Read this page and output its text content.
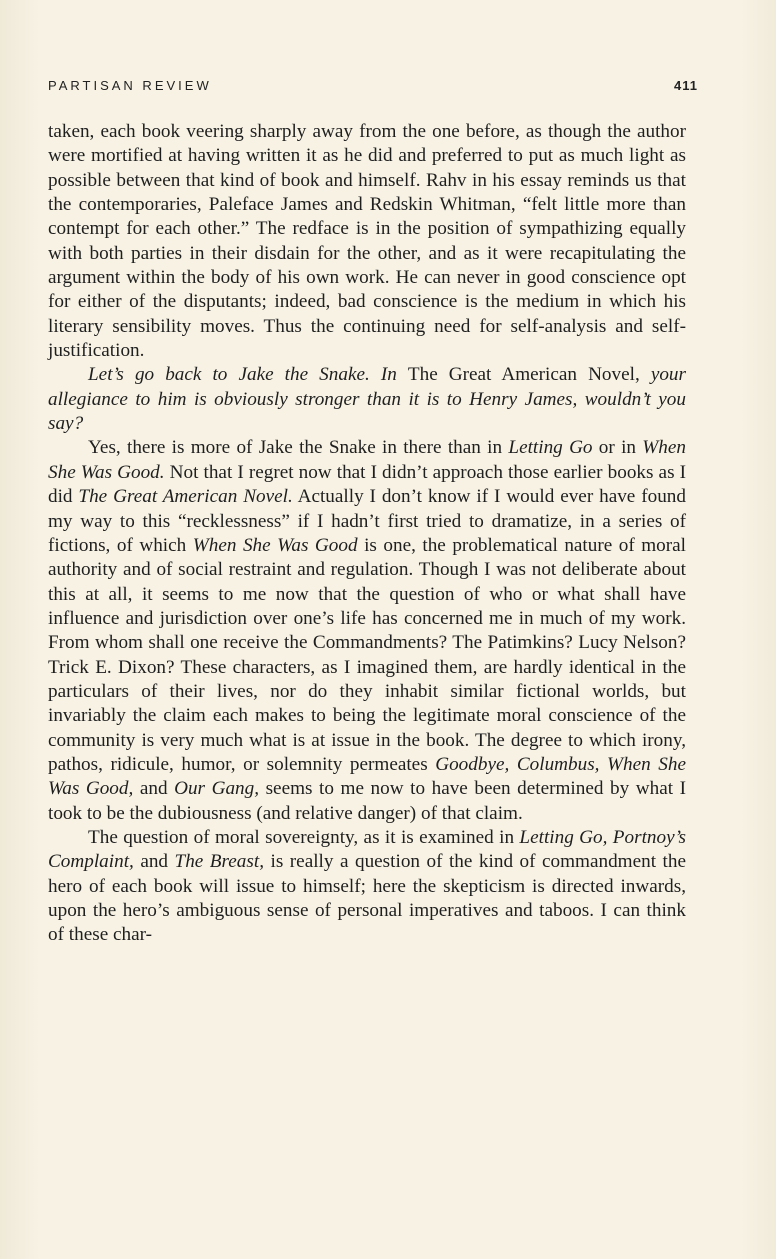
PARTISAN REVIEW	411

taken, each book veering sharply away from the one before, as though the author were mortified at having written it as he did and preferred to put as much light as possible between that kind of book and himself. Rahv in his essay reminds us that the contemporaries, Paleface James and Redskin Whitman, “felt little more than contempt for each other.” The redface is in the position of sympathizing equally with both parties in their disdain for the other, and as it were recapitulating the argument within the body of his own work. He can never in good conscience opt for either of the disputants; indeed, bad conscience is the medium in which his literary sensibility moves. Thus the continuing need for self-analysis and self-justification.

Let’s go back to Jake the Snake. In The Great American Novel, your allegiance to him is obviously stronger than it is to Henry James, wouldn’t you say?

Yes, there is more of Jake the Snake in there than in Letting Go or in When She Was Good. Not that I regret now that I didn’t approach those earlier books as I did The Great American Novel. Actually I don’t know if I would ever have found my way to this “recklessness” if I hadn’t first tried to dramatize, in a series of fictions, of which When She Was Good is one, the problematical nature of moral authority and of social restraint and regulation. Though I was not deliberate about this at all, it seems to me now that the question of who or what shall have influence and jurisdiction over one’s life has concerned me in much of my work. From whom shall one receive the Commandments? The Patimkins? Lucy Nelson? Trick E. Dixon? These characters, as I imagined them, are hardly identical in the particulars of their lives, nor do they inhabit similar fictional worlds, but invariably the claim each makes to being the legitimate moral conscience of the community is very much what is at issue in the book. The degree to which irony, pathos, ridicule, humor, or solemnity permeates Goodbye, Columbus, When She Was Good, and Our Gang, seems to me now to have been determined by what I took to be the dubiousness (and relative danger) of that claim.

The question of moral sovereignty, as it is examined in Letting Go, Portnoy’s Complaint, and The Breast, is really a question of the kind of commandment the hero of each book will issue to himself; here the skepticism is directed inwards, upon the hero’s ambiguous sense of personal imperatives and taboos. I can think of these char-
